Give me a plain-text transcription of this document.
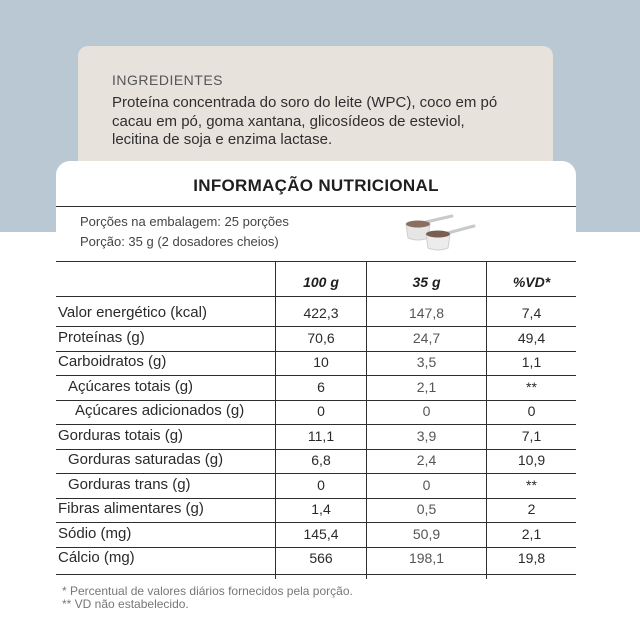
INGREDIENTES
Proteína concentrada do soro do leite (WPC), coco em pó
cacau em pó, goma xantana, glicosídeos de esteviol,
lecitina de soja e enzima lactase.
INFORMAÇÃO NUTRICIONAL
Porções na embalagem: 25 porções
Porção: 35 g (2 dosadores cheios)
100 g	35 g	%VD*
Valor energético (kcal)	422,3	147,8	7,4
Proteínas (g)	70,6	24,7	49,4
Carboidratos (g)	10	3,5	1,1
Açúcares totais (g)	6	2,1	**
Açúcares adicionados (g)	0	0	0
Gorduras totais (g)	11,1	3,9	7,1
Gorduras saturadas (g)	6,8	2,4	10,9
Gorduras trans (g)	0	0	**
Fibras alimentares (g)	1,4	0,5	2
Sódio (mg)	145,4	50,9	2,1
Cálcio (mg)	566	198,1	19,8
* Percentual de valores diários fornecidos pela porção.
** VD não estabelecido.
